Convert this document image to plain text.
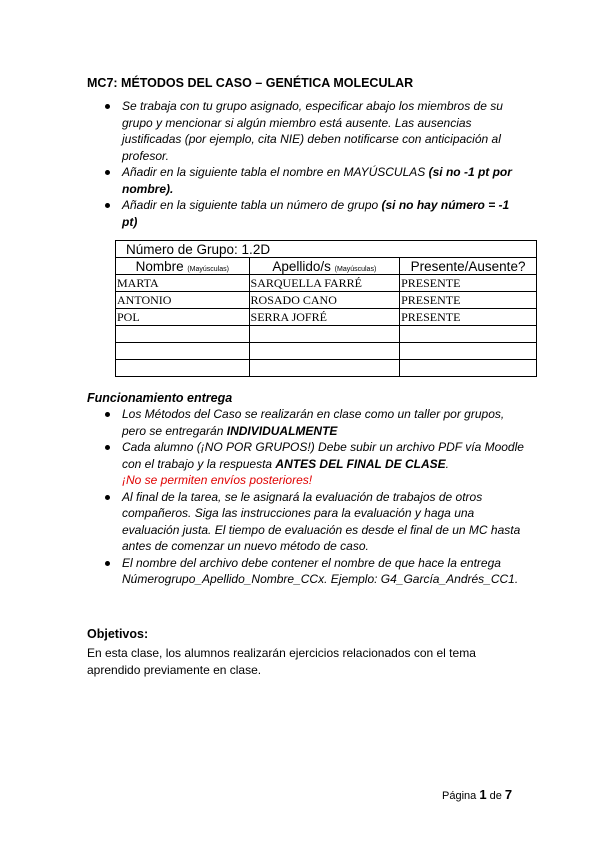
MC7: MÉTODOS DEL CASO – GENÉTICA MOLECULAR
Se trabaja con tu grupo asignado, especificar abajo los miembros de su grupo y mencionar si algún miembro está ausente. Las ausencias justificadas (por ejemplo, cita NIE) deben notificarse con anticipación al profesor.
Añadir en la siguiente tabla el nombre en MAYÚSCULAS (si no -1 pt por nombre).
Añadir en la siguiente tabla un número de grupo (si no hay número = -1 pt)
Número de Grupo: 1.2D		
Nombre (Mayúsculas)	Apellido/s (Mayúsculas)	Presente/Ausente?
MARTA	SARQUELLA FARRÉ	PRESENTE
ANTONIO	ROSADO CANO	PRESENTE
POL	SERRA JOFRÉ	PRESENTE

Funcionamiento entrega
Los Métodos del Caso se realizarán en clase como un taller por grupos, pero se entregarán INDIVIDUALMENTE
Cada alumno (¡NO POR GRUPOS!) Debe subir un archivo PDF vía Moodle con el trabajo y la respuesta ANTES DEL FINAL DE CLASE.
¡No se permiten envíos posteriores!
Al final de la tarea, se le asignará la evaluación de trabajos de otros compañeros. Siga las instrucciones para la evaluación y haga una evaluación justa. El tiempo de evaluación es desde el final de un MC hasta antes de comenzar un nuevo método de caso.
El nombre del archivo debe contener el nombre de que hace la entrega Númerogrupo_Apellido_Nombre_CCx. Ejemplo: G4_García_Andrés_CC1.
Objetivos:
En esta clase, los alumnos realizarán ejercicios relacionados con el tema aprendido previamente en clase.
Página 1 de 7
